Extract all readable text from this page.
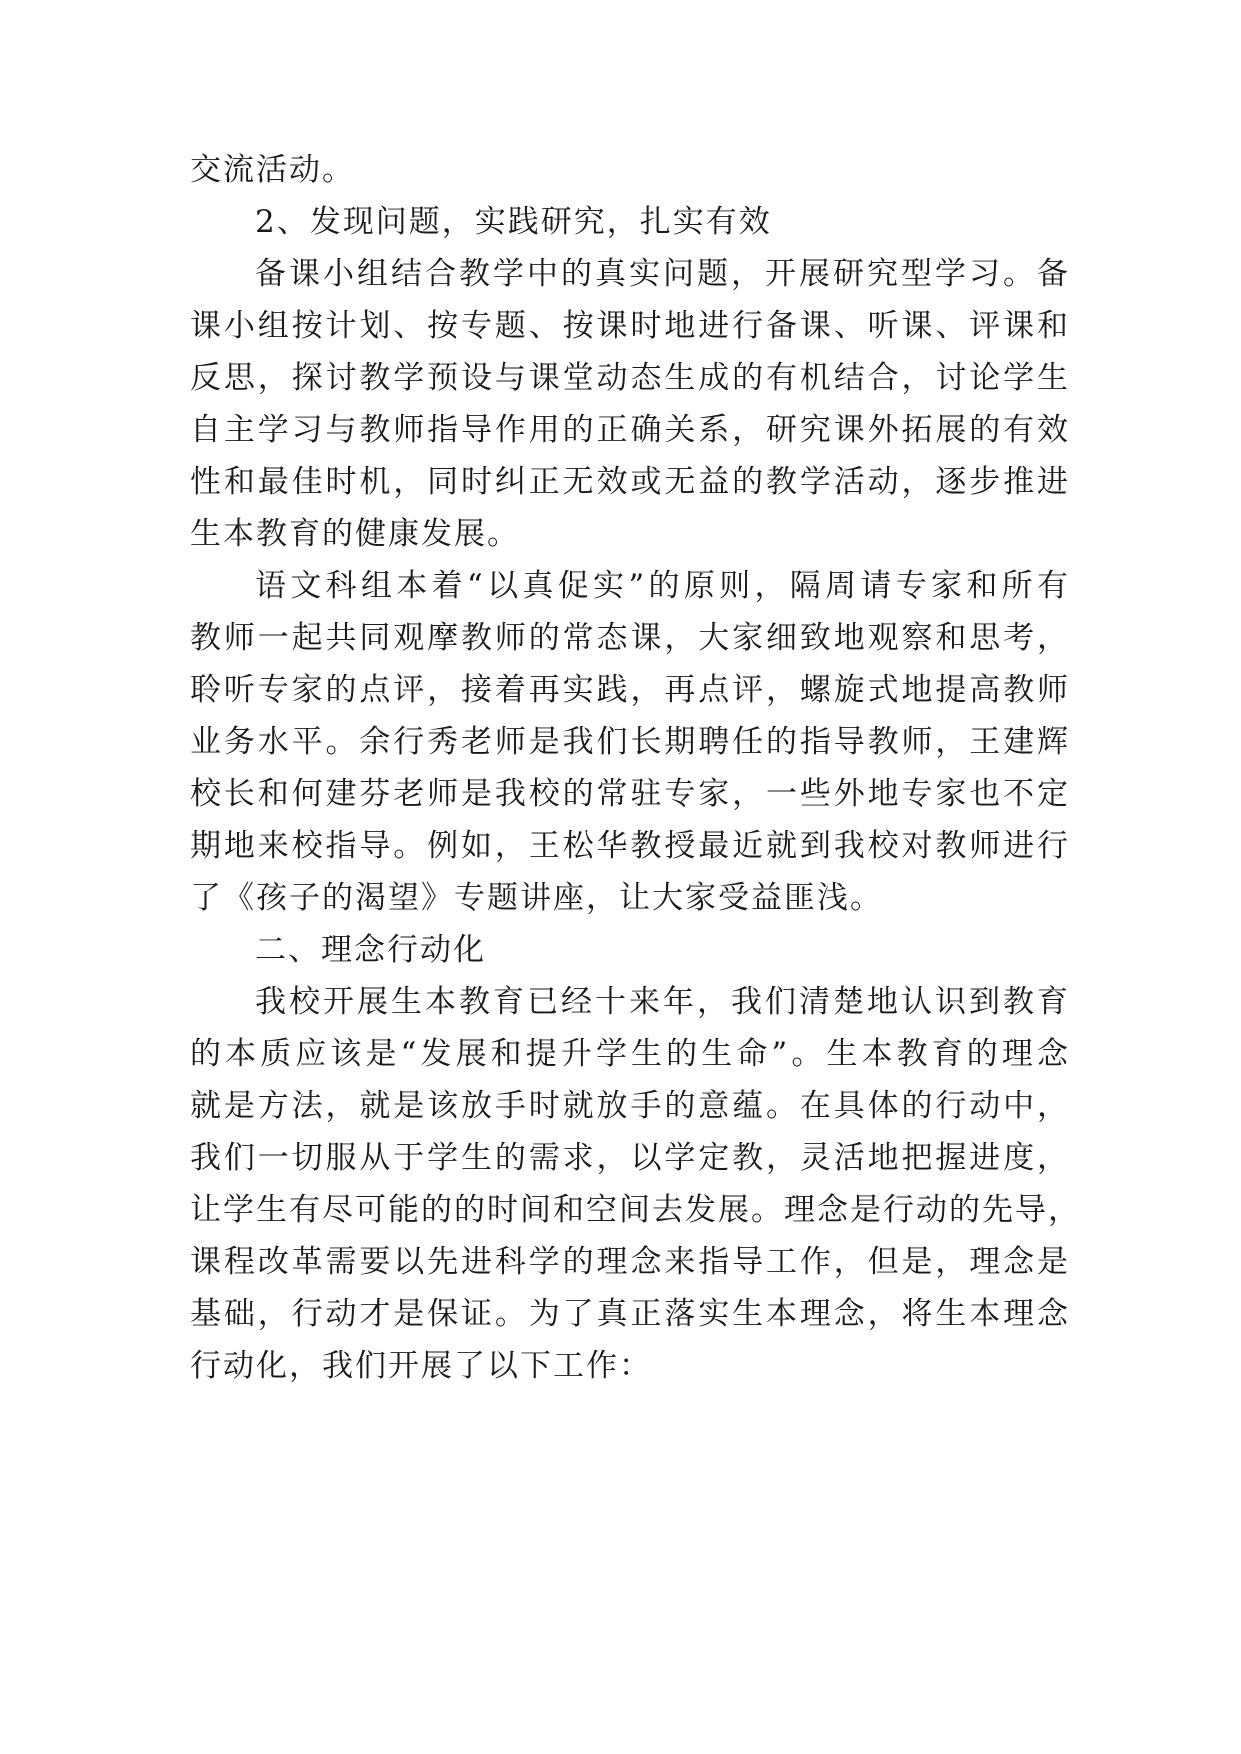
交流活动。
2、发现问题，实践研究，扎实有效
备课小组结合教学中的真实问题，开展研究型学习。备
课小组按计划、按专题、按课时地进行备课、听课、评课和
反思，探讨教学预设与课堂动态生成的有机结合，讨论学生
自主学习与教师指导作用的正确关系，研究课外拓展的有效
性和最佳时机，同时纠正无效或无益的教学活动，逐步推进
生本教育的健康发展。
语文科组本着“以真促实”的原则，隔周请专家和所有
教师一起共同观摩教师的常态课，大家细致地观察和思考，
聆听专家的点评，接着再实践，再点评，螺旋式地提高教师
业务水平。余行秀老师是我们长期聘任的指导教师，王建辉
校长和何建芬老师是我校的常驻专家，一些外地专家也不定
期地来校指导。例如，王松华教授最近就到我校对教师进行
了《孩子的渴望》专题讲座，让大家受益匪浅。
二、理念行动化
我校开展生本教育已经十来年，我们清楚地认识到教育
的本质应该是“发展和提升学生的生命”。生本教育的理念
就是方法，就是该放手时就放手的意蕴。在具体的行动中，
我们一切服从于学生的需求，以学定教，灵活地把握进度，
让学生有尽可能的的时间和空间去发展。理念是行动的先导，
课程改革需要以先进科学的理念来指导工作，但是，理念是
基础，行动才是保证。为了真正落实生本理念，将生本理念
行动化，我们开展了以下工作：
